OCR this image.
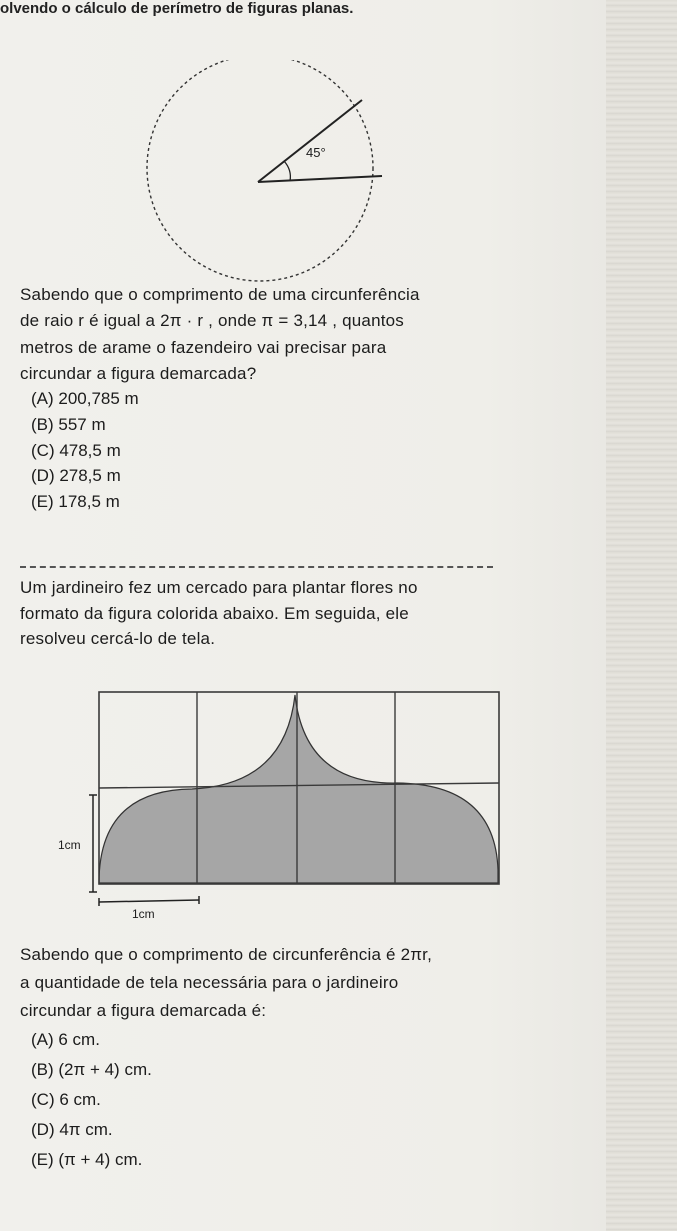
olvendo o cálculo de perímetro de figuras planas.
45°
Sabendo que o comprimento de uma circunferência
de raio r é igual a 2π · r , onde π = 3,14 , quantos
metros de arame o fazendeiro vai precisar para
circundar a figura demarcada?
(A) 200,785 m
(B) 557 m
(C) 478,5 m
(D) 278,5 m
(E) 178,5 m
Um jardineiro fez um cercado para plantar flores no
formato da figura colorida abaixo. Em seguida, ele
resolveu cercá-lo de tela.
1cm
1cm
Sabendo que o comprimento de circunferência é 2πr,
a quantidade de tela necessária para o jardineiro
circundar a figura demarcada é:
(A) 6 cm.
(B) (2π + 4) cm.
(C) 6 cm.
(D) 4π cm.
(E) (π + 4) cm.
